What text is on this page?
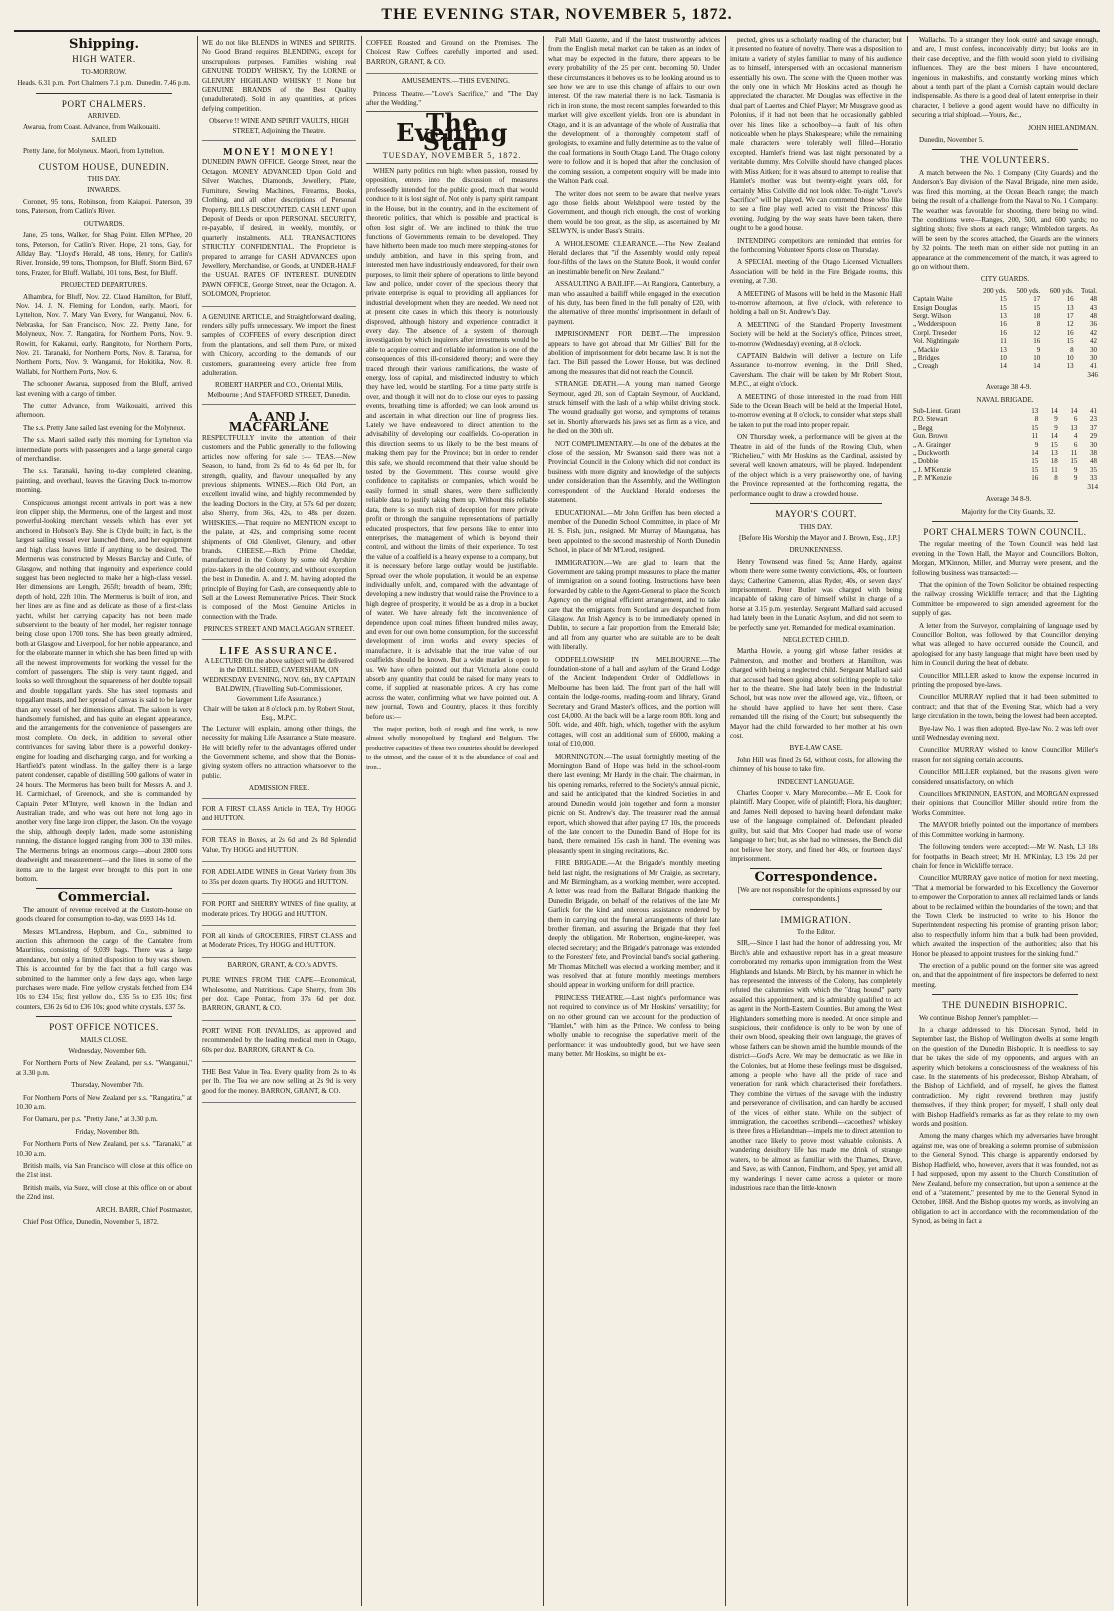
THE EVENING STAR, NOVEMBER 5, 1872.
Shipping.
HIGH WATER.
TO-MORROW.
Heads. 6.31 p.m.	Port Chalmers 7.1 p.m.	Dunedin. 7.46 p.m.
PORT CHALMERS.
ARRIVED.

Awarua, from Coast. Advance, from Waikouaiti.

SAILED

Pretty Jane, for Molyneux. Maori, from Lyttelton.

CUSTOM HOUSE, DUNEDIN.
THIS DAY.
INWARDS.

Coronet, 95 tons, Robinson, from Kaiapoi. Paterson, 39 tons, Paterson, from Catlin's River.

OUTWARDS.

Jane, 25 tons, Walker, for Shag Point. Ellen M'Phee, 20 tons, Peterson, for Catlin's River. Hope, 21 tons, Gay, for Allday Bay. "Lloyd's Herald, 48 tons, Henry, for Catlin's River. Ironside, 99 tons, Thompson, for Bluff. Storm Bird, 67 tons, Frazer, for Bluff. Wallabi, 101 tons, Best, for Bluff.

PROJECTED DEPARTURES.

Alhambra, for Bluff, Nov. 22. Claud Hamilton, for Bluff, Nov. 14. J. N. Fleming for London, early. Maori, for Lyttelton, Nov. 7. Mary Van Every, for Wanganui, Nov. 6. Nebraska, for San Francisco, Nov. 22. Pretty Jane, for Molyneux, Nov. 7. Rangatira, for Northern Ports, Nov. 9. Rowitt, for Kakanui, early. Rangitoto, for Northern Ports, Nov. 21. Taranaki, for Northern Ports, Nov. 8. Tararua, for Northern Ports, Nov. 9. Wanganui, for Hokitika, Nov. 8. Wallabi, for Northern Ports, Nov. 6.

The schooner Awarua, supposed from the Bluff, arrived last evening with a cargo of timber.

The cutter Advance, from Waikouaiti, arrived this afternoon.

The s.s. Pretty Jane sailed last evening for the Molyneux.

The s.s. Maori sailed early this morning for Lyttelton via intermediate ports with passengers and a large general cargo of merchandise.

The s.s. Taranaki, having to-day completed cleaning, painting, and overhaul, leaves the Graving Dock to-morrow morning.

Conspicuous amongst recent arrivals in port was a new iron clipper ship, the Mermerus, one of the largest and most powerful-looking merchant vessels which has ever yet anchored in Hobson's Bay. She is Clyde built; in fact, is the largest sailing vessel ever launched there, and her equipment and high class leaves little if anything to be desired. The Mermerus was constructed by Messrs Barclay and Curle, of Glasgow, and nothing that ingenuity and experience could suggest has been neglected to make her a high-class vessel. Her dimensions are Length, 265ft; breadth of beam, 39ft; depth of hold, 22ft 10in. The Mermerus is built of iron, and her lines are as fine and as delicate as those of a first-class yacht, whilst her carrying capacity has not been made subservient to the beauty of her model, her register tonnage being close upon 1700 tons. She has been greatly admired, both at Glasgow and Liverpool, for her noble appearance, and for the elaborate manner in which she has been fitted up with all the newest improvements for working the vessel for the comfort of passengers. The ship is very taunt rigged, and looks so well throughout the squareness of her double topsail and double topgallant yards. She has steel topmasts and topgallant masts, and her spread of canvas is said to be larger than any vessel of her dimensions afloat. The saloon is very handsomely furnished, and has quite an elegant appearance, and the arrangements for the convenience of passengers are most complete. On deck, in addition to several other contrivances for saving labor there is a powerful donkey-engine for loading and discharging cargo, and for working a Hartfield's patent windlass. In the galley there is a large patent condenser, capable of distilling 500 gallons of water in 24 hours. The Mermerus has been built for Messrs A. and J. H. Carmichael, of Greenock, and she is commanded by Captain Peter M'Intyre, well known in the Indian and Australian trade, and who was out here not long ago in another very fine large iron clipper, the Jason. On the voyage the ship, although deeply laden, made some astonishing running, the distance logged ranging from 300 to 330 miles. The Mermerus brings an enormous cargo—about 2800 tons deadweight and measurement—and the lines in some of the items are to the largest ever brought to this port in one bottom.

Commercial.

The amount of revenue received at the Custom-house on goods cleared for consumption to-day, was £693 14s 1d.

Messrs M'Landress, Hepburn, and Co., submitted to auction this afternoon the cargo of the Cantabre from Mauritius, consisting of 9,039 bags. There was a large attendance, but only a limited disposition to buy was shown. This is accounted for by the fact that a full cargo was submitted to the hammer only a few days ago, when large purchases were made. Fine yellow crystals fetched from £34 10s to £34 15s; first yellow do., £35 5s to £35 10s; first counters, £36 2s 6d to £36 10s; good white crystals, £37 5s.

POST OFFICE NOTICES.
MAILS CLOSE.

Wednesday, November 6th.

For Northern Ports of New Zealand, per s.s. "Wanganui," at 3.30 p.m.

Thursday, November 7th.

For Northern Ports of New Zealand per s.s. "Rangatira," at 10.30 a.m.

For Oamaru, per p.s. "Pretty Jane," at 3.30 p.m.

Friday, November 8th.

For Northern Ports of New Zealand, per s.s. "Taranaki," at 10.30 a.m.

British mails, via San Francisco will close at this office on the 21st inst.

British mails, via Suez, will close at this office on or about the 22nd inst.

ARCH. BARR, Chief Postmaster,

Chief Post Office, Dunedin, November 5, 1872.

WE do not like BLENDS in WINES and SPIRITS. No Good Brand requires BLENDING, except for unscrupulous purposes. Families wishing real GENUINE TODDY WHISKY, Try the LORNE or GLENURY HIGHLAND WHISKY !! None but GENUINE BRANDS of the Best Quality (unadulterated). Sold in any quantities, at prices defying competition.

Observe !! WINE AND SPIRIT VAULTS, HIGH STREET, Adjoining the Theatre.

MONEY! MONEY!

DUNEDIN PAWN OFFICE. George Street, near the Octagon. MONEY ADVANCED Upon Gold and Silver Watches, Diamonds, Jewellery, Plate, Furniture, Sewing Machines, Firearms, Books, Clothing, and all other descriptions of Personal Property. BILLS DISCOUNTED. CASH LENT upon Deposit of Deeds or upon PERSONAL SECURITY, re-payable, if desired, in weekly, monthly, or quarterly instalments. ALL TRANSACTIONS STRICTLY CONFIDENTIAL. The Proprietor is prepared to arrange for CASH ADVANCES upon Jewellery, Merchandise, or Goods, at UNDER-HALF the USUAL RATES OF INTEREST. DUNEDIN PAWN OFFICE, George Street, near the Octagon. A. SOLOMON, Proprietor.

A GENUINE ARTICLE, and Straightforward dealing, renders silly puffs unnecessary. We import the finest samples of COFFEES of every description direct from the plantations, and sell them Pure, or mixed with Chicory, according to the demands of our customers, guaranteeing every article free from adulteration.

ROBERT HARPER and CO., Oriental Mills, Melbourne ; And STAFFORD STREET, Dunedin.

A. AND J. MACFARLANE

RESPECTFULLY invite the attention of their customers and the Public generally to the following articles now offering for sale :— TEAS.—New Season, to hand, from 2s 6d to 4s 6d per lb, for strength, quality, and flavour unequalled by any previous shipments. WINES.—Rich Old Port, an excellent invalid wine, and highly recommended by the leading Doctors in the City, at 57s 6d per dozen; also Sherry, from 36s, 42s, to 48s per dozen. WHISKIES.—That require no MENTION except to the palate, at 42s, and comprising some recent shipments of Old Glenlivet, Glenury, and other brands. CHEESE.—Rich Prime Cheddar, manufactured in the Colony by some old Ayrshire prize-takers in the old country, and without exception the best in Dunedin. A. and J. M. having adopted the principle of Buying for Cash, are consequently able to Sell at the Lowest Remunerative Prices. Their Stock is composed of the Most Genuine Articles in connection with the Trade.

PRINCES STREET AND MACLAGGAN STREET.

LIFE ASSURANCE.

A LECTURE On the above subject will be delivered in the DRILL SHED, CAVERSHAM, ON WEDNESDAY EVENING, NOV. 6th, BY CAPTAIN BALDWIN, (Travelling Sub-Commissioner, Government Life Assurance.)

Chair will be taken at 8 o'clock p.m. by Robert Stout, Esq., M.P.C.

The Lecturer will explain, among other things, the necessity for making Life Assurance a State measure. He will briefly refer to the advantages offered under the Government scheme, and show that the Bonus-giving system offers no attraction whatsoever to the public.

ADMISSION FREE.

FOR A FIRST CLASS Article in TEA, Try HOGG and HUTTON.

FOR TEAS in Boxes, at 2s 6d and 2s 8d Splendid Value, Try HOGG and HUTTON.

FOR ADELAIDE WINES in Great Variety from 30s to 35s per dozen quarts. Try HOGG and HUTTON.

FOR PORT and SHERRY WINES of fine quality, at moderate prices. Try HOGG and HUTTON.

FOR all kinds of GROCERIES, FIRST CLASS and at Moderate Prices, Try HOGG and HUTTON.

BARRON, GRANT, & CO.'s ADVTS.

PURE WINES FROM THE CAPE—Economical, Wholesome, and Nutritious. Cape Sherry, from 30s per doz. Cape Pontac, from 37s 6d per doz. BARRON, GRANT, & CO.

PORT WINE FOR INVALIDS, as approved and recommended by the leading medical men in Otago, 60s per doz. BARRON, GRANT & Co.

THE Best Value in Tea. Every quality from 2s to 4s per lb. The Tea we are now selling at 2s 9d is very good for the money. BARRON, GRANT, & CO.

COFFEE Roasted and Ground on the Premises. The Choicest Raw Coffees carefully imported and used. BARRON, GRANT, & CO.

AMUSEMENTS.—THIS EVENING.

Princess Theatre.—"Love's Sacrifice," and "The Day after the Wedding."

The Evening Star
TUESDAY, NOVEMBER 5, 1872.

WHEN party politics run high: when passion, roused by opposition, enters into the discussion of measures professedly intended for the public good, much that would conduce to it is lost sight of. Not only is party spirit rampant in the House, but in the country, and in the excitement of theoretic politics, that which is possible and practical is often lost sight of. We are inclined to think the true functions of Governments remain to be developed. They have hitherto been made too much mere stepping-stones for unduly ambition, and have in this spring from, and interested men have industriously endeavored, for their own purposes, to limit their sphere of operations to little beyond law and police, under cover of the specious theory that private enterprise is equal to providing all appliances for industrial development when they are needed. We need not at present cite cases in which this theory is notoriously disproved, although history and experience contradict it every day. The absence of a system of thorough investigation by which inquirers after investments would be able to acquire correct and reliable information is one of the consequences of this ill-considered theory; and were they traced through their various ramifications, the waste of energy, loss of capital, and misdirected industry to which they have led, would be startling. For a time party strife is over, and though it will not do to close our eyes to passing events, breathing time is afforded; we can look around us and ascertain in what direction our line of progress lies. Lately we have endeavored to direct attention to the advisability of developing our coalfields. Co-operation in this direction seems to us likely to be the best means of making them pay for the Province; but in order to render this safe, we should recommend that their value should be tested by the Government. This course would give confidence to capitalists or companies, which would be easily formed in small shares, were there sufficiently reliable data to justify taking them up. Without this reliable data, there is so much risk of deception for mere private profit or through the sanguine representations of partially educated prospectors, that few persons like to enter into enterprises, the management of which is beyond their control, and without the limits of their experience. To test the value of a coalfield is a heavy expense to a company, but it is necessary before large outlay would be justifiable. Spread over the whole population, it would be an expense individually unfelt, and, compared with the advantage of developing a new industry that would raise the Province to a high degree of prosperity, it would be as a drop in a bucket of water. We have already felt the inconvenience of dependence upon coal mines fifteen hundred miles away, and even for our own home consumption, for the successful development of iron works and every species of manufacture, it is advisable that the true value of our coalfields should be known. But a wide market is open to us. We have often pointed out that Victoria alone could absorb any quantity that could be raised for many years to come, if supplied at reasonable prices. A cry has come across the water, confirming what we have pointed out. A new journal, Town and Country, places it thus forcibly before us:—

The major portion, both of rough and fine work, is now almost wholly monopolised by England and Belgium. The productive capacities of these two countries should be developed to the utmost, and the cause of it is the abundance of coal and iron...

Pall Mall Gazette, and if the latest trustworthy advices from the English metal market can be taken as an index of what may be expected in the future, there appears to be every probability of the 25 per cent. becoming 50. Under these circumstances it behoves us to be looking around us to see how we are to use this change of affairs to our own interest. Of the raw material there is no lack. Tasmania is rich in iron stone, the most recent samples forwarded to this market will give excellent yields. Iron ore is abundant in Otago, and it is an advantage of the whole of Australia that the development of a thoroughly competent staff of geologists, to examine and fully determine as to the value of the coal formations in South Otago Land. The Otago colony were to follow and it is hoped that after the conclusion of the coming session, a competent enquiry will be made into the Walton Park coal.

The writer does not seem to be aware that twelve years ago those fields about Welshpool were tested by the Government, and though rich enough, the cost of working them would be too great, as the slip, as ascertained by Mr SELWYN, is under Bass's Straits.

A WHOLESOME CLEARANCE.—The New Zealand Herald declares that "if the Assembly would only repeal four-fifths of the laws on the Statute Book, it would confer an inestimable benefit on New Zealand."

ASSAULTING A BAILIFF.—At Rangiora, Canterbury, a man who assaulted a bailiff while engaged in the execution of his duty, has been fined in the full penalty of £20, with the alternative of three months' imprisonment in default of payment.

IMPRISONMENT FOR DEBT.—The impression appears to have got abroad that Mr Gillies' Bill for the abolition of imprisonment for debt became law. It is not the fact. The Bill passed the Lower House, but was declined among the measures that did not reach the Council.

STRANGE DEATH.—A young man named George Seymour, aged 20, son of Captain Seymour, of Auckland, struck himself with the lash of a whip whilst driving stock. The wound gradually got worse, and symptoms of tetanus set in. Shortly afterwards his jaws set as firm as a vice, and he died on the 30th ult.

NOT COMPLIMENTARY.—In one of the debates at the close of the session, Mr Swanson said there was not a Provincial Council in the Colony which did not conduct its business with more dignity and knowledge of the subjects under consideration than the Assembly, and the Wellington correspondent of the Auckland Herald endorses the statement.

EDUCATIONAL.—Mr John Griffen has been elected a member of the Dunedin School Committee, in place of Mr H. S. Fish, jun., resigned. Mr Murray of Maungatua, has been appointed to the second mastership of North Dunedin School, in place of Mr M'Leod, resigned.

IMMIGRATION.—We are glad to learn that the Government are taking prompt measures to place the matter of immigration on a sound footing. Instructions have been forwarded by cable to the Agent-General to place the Scotch Agency on the original efficient arrangement, and to take care that the emigrants from Scotland are despatched from Glasgow. An Irish Agency is to be immediately opened in Dublin, to secure a fair proportion from the Emerald Isle; and all from any quarter who are suitable are to be dealt with liberally.

ODDFELLOWSHIP IN MELBOURNE.—The foundation-stone of a hall and asylum of the Grand Lodge of the Ancient Independent Order of Oddfellows in Melbourne has been laid. The front part of the hall will contain the lodge-rooms, reading-room and library, Grand Secretary and Grand Master's offices, and the portion will cost £4,000. At the back will be a large room 80ft. long and 50ft. wide, and 40ft. high, which, together with the asylum cottages, will cost an additional sum of £6000, making a total of £10,000.

MORNINGTON.—The usual fortnightly meeting of the Mornington Band of Hope was held in the school-room there last evening; Mr Hardy in the chair. The chairman, in his opening remarks, referred to the Society's annual picnic, and said he anticipated that the kindred Societies in and around Dunedin would join together and form a monster picnic on St. Andrew's day. The treasurer read the annual report, which showed that after paying £7 10s, the proceeds of the late concert to the Dunedin Band of Hope for its band, there remained 15s cash in hand. The evening was pleasantly spent in singing recitations, &c.

FIRE BRIGADE.—At the Brigade's monthly meeting held last night, the resignations of Mr Craigie, as secretary, and Mr Birmingham, as a working member, were accepted. A letter was read from the Ballarat Brigade thanking the Dunedin Brigade, on behalf of the relatives of the late Mr Garlick for the kind and onerous assistance rendered by them in carrying out the funeral arrangements of their late brother fireman, and assuring the Brigade that they feel deeply the obligation. Mr Robertson, engine-keeper, was elected secretary; and the Brigade's patronage was extended to the Foresters' fete, and Provincial band's social gathering. Mr Thomas Mitchell was elected a working member; and it was resolved that at future monthly meetings members should appear in working uniform for drill practice.

PRINCESS THEATRE.—Last night's performance was not required to convince us of Mr Hoskins' versatility; for on no other ground can we account for the production of "Hamlet," with him as the Prince. We confess to being wholly unable to recognise the superlative merit of the performance: it was undoubtedly good, but we have seen many better. Mr Hoskins, so might be ex-

pected, gives us a scholarly reading of the character; but it presented no feature of novelty. There was a disposition to imitate a variety of styles familiar to many of his audience as to himself, interspersed with an occasional mannerism essentially his own. The scene with the Queen mother was the only one in which Mr Hoskins acted as though he appreciated the character. Mr Douglas was effective in the dual part of Laertes and Chief Player; Mr Musgrave good as Polonius, if it had not been that he occasionally gabbled over his lines like a schoolboy—a fault of his often noticeable when he plays Shakespeare; while the remaining male characters were tolerably well filled—Horatio excepted. Hamlet's friend was last night personated by a veritable dummy. Mrs Colville should have changed places with Miss Aitken; for it was absurd to attempt to realise that Hamlet's mother was but twenty-eight years old, for certainly Miss Colville did not look older. To-night "Love's Sacrifice" will be played. We can commend those who like to see a fine play well acted to visit the Princess' this evening. Judging by the way seats have been taken, there ought to be a good house.

INTENDING competitors are reminded that entries for the forthcoming Volunteer Sports close on Thursday.

A SPECIAL meeting of the Otago Licensed Victuallers Association will be held in the Fire Brigade rooms, this evening, at 7.30.

A MEETING of Masons will be held in the Masonic Hall to-morrow afternoon, at five o'clock, with reference to holding a ball on St. Andrew's Day.

A MEETING of the Standard Property Investment Society will be held at the Society's office, Princes street, to-morrow (Wednesday) evening, at 8 o'clock.

CAPTAIN Baldwin will deliver a lecture on Life Assurance to-morrow evening, in the Drill Shed, Caversham. The chair will be taken by Mr Robert Stout, M.P.C., at eight o'clock.

A MEETING of those interested in the road from Hill Side to the Ocean Beach will be held at the Imperial Hotel, to-morrow evening at 8 o'clock, to consider what steps shall be taken to put the road into proper repair.

ON Thursday week, a performance will be given at the Theatre in aid of the funds of the Rowing Club, when "Richelieu," with Mr Hoskins as the Cardinal, assisted by several well known amateurs, will be played. Independent of the object which is a very praiseworthy one, of having the Province represented at the forthcoming regatta, the performance ought to draw a crowded house.

MAYOR'S COURT.
THIS DAY.

[Before His Worship the Mayor and J. Brown, Esq., J.P.]

DRUNKENNESS.

Henry Townsend was fined 5s; Anne Hardy, against whom there were some twenty convictions, 40s, or fourteen days; Catherine Cameron, alias Ryder, 40s, or seven days' imprisonment. Peter Butler was charged with being incapable of taking care of himself whilst in charge of a horse at 3.15 p.m. yesterday. Sergeant Mallard said accused had lately been in the Lunatic Asylum, and did not seem to be perfectly sane yet. Remanded for medical examination.

NEGLECTED CHILD.

Martha Howie, a young girl whose father resides at Palmerston, and mother and brothers at Hamilton, was charged with being a neglected child. Sergeant Mallard said that accused had been going about soliciting people to take her to the theatre. She had lately been in the Industrial School, but was now over the allowed age, viz., fifteen, or he should have applied to have her sent there. Case remanded till the rising of the Court; but subsequently the Mayor had the child forwarded to her mother at his own cost.

BYE-LAW CASE.

John Hill was fined 2s 6d, without costs, for allowing the chimney of his house to take fire.

INDECENT LANGUAGE.

Charles Cooper v. Mary Morecombe.—Mr E. Cook for plaintiff. Mary Cooper, wife of plaintiff; Flora, his daughter; and James Neill deposed to having heard defendant make use of the language complained of. Defendant pleaded guilty, but said that Mrs Cooper had made use of worse language to her; but, as she had no witnesses, the Bench did not believe her story, and fined her 40s, or fourteen days' imprisonment.

Correspondence.

[We are not responsible for the opinions expressed by our correspondents.]

IMMIGRATION.
To the Editor.

SIR,—Since I last had the honor of addressing you, Mr Birch's able and exhaustive report has in a great measure corroborated my remarks upon immigration from the West Highlands and Islands. Mr Birch, by his manner in which he has represented the interests of the Colony, has completely refuted the calumnies with which the "drag hound" party assailed this appointment, and is admirably qualified to act as agent in the North-Eastern Counties. But among the West Highlanders something more is needed. At once simple and suspicious, their confidence is only to be won by one of their own blood, speaking their own language, the graves of whose fathers can be shown amid the humble mounds of the district—God's Acre. We may be democratic as we like in the Colonies, but at Home these feelings must be disguised, among a people who have all the pride of race and veneration for rank which characterised their forefathers. They combine the virtues of the savage with the industry and perseverance of civilisation, and can hardly be accused of the vices of either state. While on the subject of immigration, the cacoethes scribendi—cacoethes? whiskey is three fires a Hielandman—impels me to direct attention to another race likely to prove most valuable colonists. A wandering desultory life has made me drink of strange waters, to be almost as familiar with the Thames, Drave, and Save, as with Cannon, Findhorn, and Spey, yet amid all my wanderings I never came across a quieter or more industrious race than the little-known

Wallachs. To a stranger they look outré and savage enough, and are, I must confess, inconceivably dirty; but looks are in their case deceptive, and the filth would soon yield to civilising influences. They are the best miners I have encountered, ingenious in makeshifts, and constantly working mines which about a tenth part of the plant a Cornish captain would declare indispensable. As there is a good deal of latent enterprise in their character, I believe a good agent would have no difficulty in securing a trial shipload.—Yours, &c.,

JOHN HIELANDMAN.

Dunedin, November 5.

THE VOLUNTEERS.

A match between the No. 1 Company (City Guards) and the Anderson's Bay division of the Naval Brigade, nine men aside, was fired this morning, at the Ocean Beach range; the match being the result of a challenge from the Naval to No. 1 Company. The weather was favorable for shooting, there being no wind. The conditions were—Ranges, 200, 500, and 600 yards; no sighting shots; five shots at each range; Wimbledon targets. As will be seen by the scores attached, the Guards are the winners by 32 points. The teeth man on either side not putting in an appearance at the commencement of the match, it was agreed to go on without them.

CITY GUARDS.
	200 yds.	500 yds.	600 yds.	Total.
Captain Waite	15	17	16	48
Ensign Douglas	15	15	13	43
Sergt. Wilson	13	18	17	48
„ Wedderspoon	16	8	12	36
Corpl. Treseder	16	12	16	42
Vol. Nightingale	11	16	15	42
„ Mackie	13	9	8	30
„ Bridges	10	10	10	30
„ Creagh	14	14	13	41

346

Average 38 4-9.

NAVAL BRIGADE.
Sub-Lieut. Grant	13	14	14	41
P.O. Stewart	8	9	6	23
„ Begg	15	9	13	37
Gun. Brown	11	14	4	29
„ A. Grainger	9	15	6	30
„ Duckworth	14	13	11	38
„ Dobbie	15	18	15	48
„ J. M'Kenzie	15	11	9	35
„ P. M'Kenzie	16	8	9	33

314

Average 34 8-9.

Majority for the City Guards, 32.

PORT CHALMERS TOWN COUNCIL.

The regular meeting of the Town Council was held last evening in the Town Hall, the Mayor and Councillors Bolton, Morgan, M'Kinnon, Miller, and Murray were present, and the following business was transacted:—

That the opinion of the Town Solicitor be obtained respecting the railway crossing Wickliffe terrace; and that the Lighting Committee be empowered to sign amended agreement for the supply of gas.

A letter from the Surveyor, complaining of language used by Councillor Bolton, was followed by that Councillor denying what was alleged to have occurred outside the Council, and apologised for any hasty language that might have been used by him in Council during the heat of debate.

Councillor MILLER asked to know the expense incurred in printing the proposed bye-laws.

Councillor MURRAY replied that it had been submitted to contract; and that that of the Evening Star, which had a very large circulation in the town, being the lowest had been accepted.

Bye-law No. 1 was then adopted. Bye-law No. 2 was left over until Wednesday evening next.

Councillor MURRAY wished to know Councillor Miller's reason for not signing certain accounts.

Councillor MILLER explained, but the reasons given were considered unsatisfactory, on which

Councillors M'KINNON, EASTON, and MORGAN expressed their opinions that Councillor Miller should retire from the Works Committee.

The MAYOR briefly pointed out the importance of members of this Committee working in harmony.

The following tenders were accepted:—Mr W. Nash, L3 18s for footpaths in Beach street; Mr H. M'Kinlay, L3 19s 2d per chain for fence in Wickliffe terrace.

Councillor MURRAY gave notice of motion for next meeting, "That a memorial be forwarded to his Excellency the Governor to empower the Corporation to annex all reclaimed lands or lands about to be reclaimed within the boundaries of the town; and that the Town Clerk be instructed to write to his Honor the Superintendent respecting his promise of granting prison labor; also to respectfully inform him that a bulk had been provided, which awaited the inspection of the authorities; also that his Honor be pleased to appoint trustees for the sinking fund."

The erection of a public pound on the former site was agreed on, and that the appointment of fire inspectors be deferred to next meeting.

THE DUNEDIN BISHOPRIC.

We continue Bishop Jenner's pamphlet:—

In a charge addressed to his Diocesan Synod, held in September last, the Bishop of Wellington dwells at some length on the question of the Dunedin Bishopric. It is needless to say that he takes the side of my opponents, and argues with an asperity which betokens a consciousness of the weakness of his case. In the statements of his predecessor, Bishop Abraham, of the Bishop of Lichfield, and of myself, he gives the flattest contradiction. My right reverend brethren may justify themselves, if they think proper; for myself, I shall only deal with Bishop Hadfield's remarks as far as they relate to my own words and position.

Among the many charges which my adversaries have brought against me, was one of breaking a solemn promise of submission to the General Synod. This charge is apparently endorsed by Bishop Hadfield, who, however, avers that it was founded, not as I had supposed, upon my assent to the Church Constitution of New Zealand, before my consecration, but upon a sentence at the end of a "statement," presented by me to the General Synod in October, 1868. And the Bishop quotes my words, as involving an obligation to act in accordance with the recommendation of the Synod, as being in fact a
